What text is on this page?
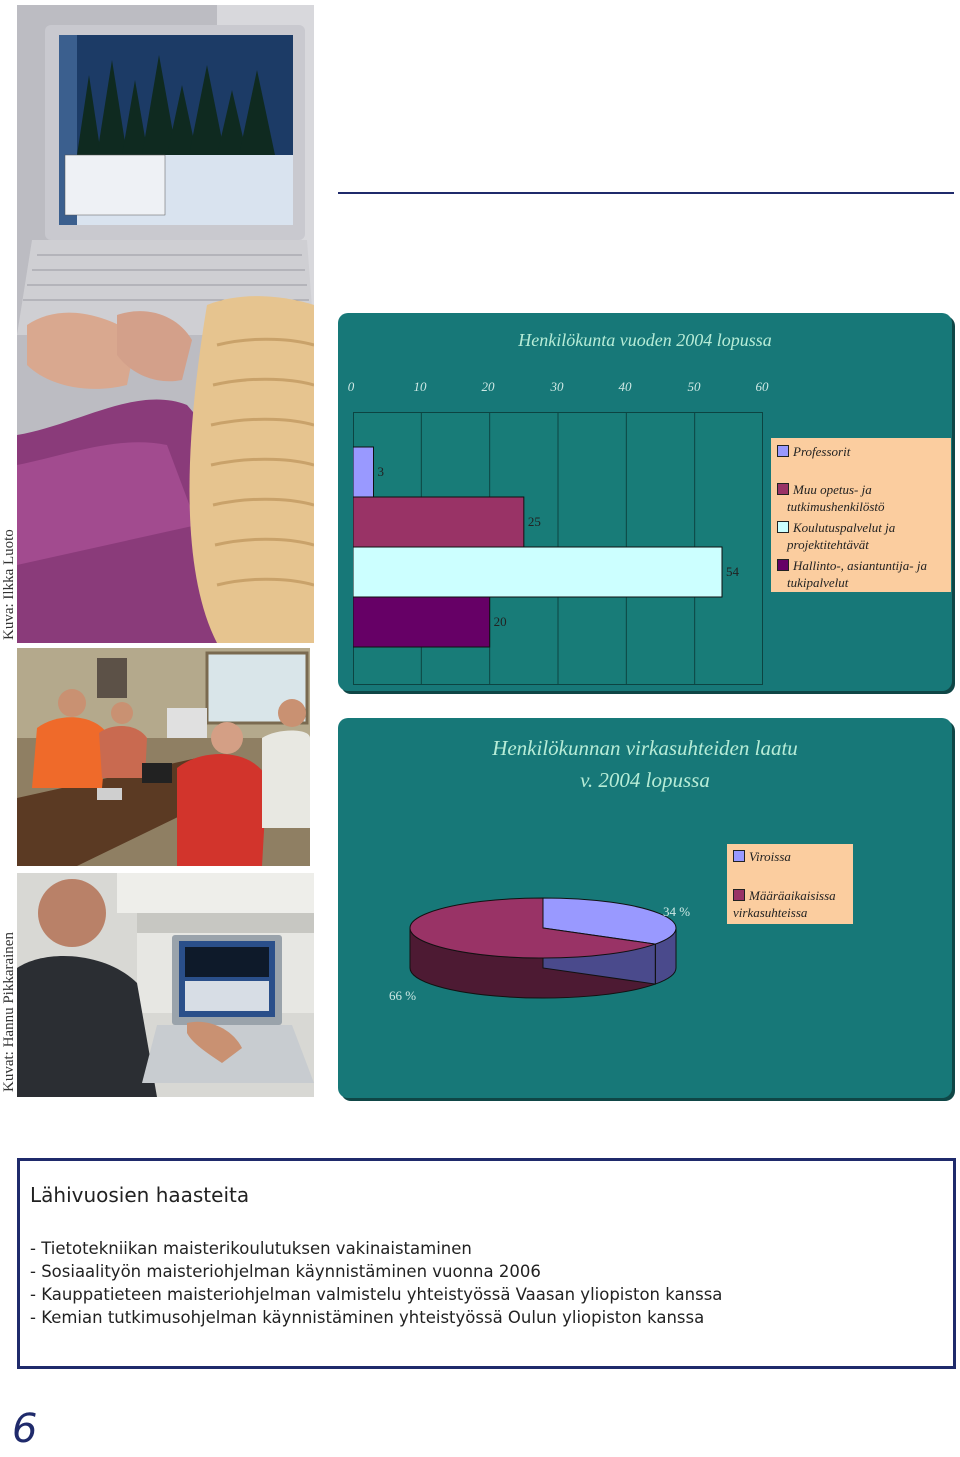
Kuva: Ilkka Luoto
Kuvat: Hannu Pikkarainen
Henkilökunta vuoden 2004 lopussa
0	10	20	30	40	50	60
3
25
54
20
Professorit
Muu opetus- ja
tutkimushenkilöstö
Koulutuspalvelut ja
projektitehtävät
Hallinto-, asiantuntija- ja
tukipalvelut
Henkilökunnan virkasuhteiden laatu
v. 2004 lopussa
Viroissa
Määräaikaisissa
virkasuhteissa
34 %
66 %
Lähivuosien haasteita
- Tietotekniikan maisterikoulutuksen vakinaistaminen
- Sosiaalityön maisteriohjelman käynnistäminen vuonna 2006
- Kauppatieteen maisteriohjelman valmistelu yhteistyössä Vaasan yliopiston kanssa
- Kemian tutkimusohjelman käynnistäminen yhteistyössä Oulun yliopiston kanssa
6
